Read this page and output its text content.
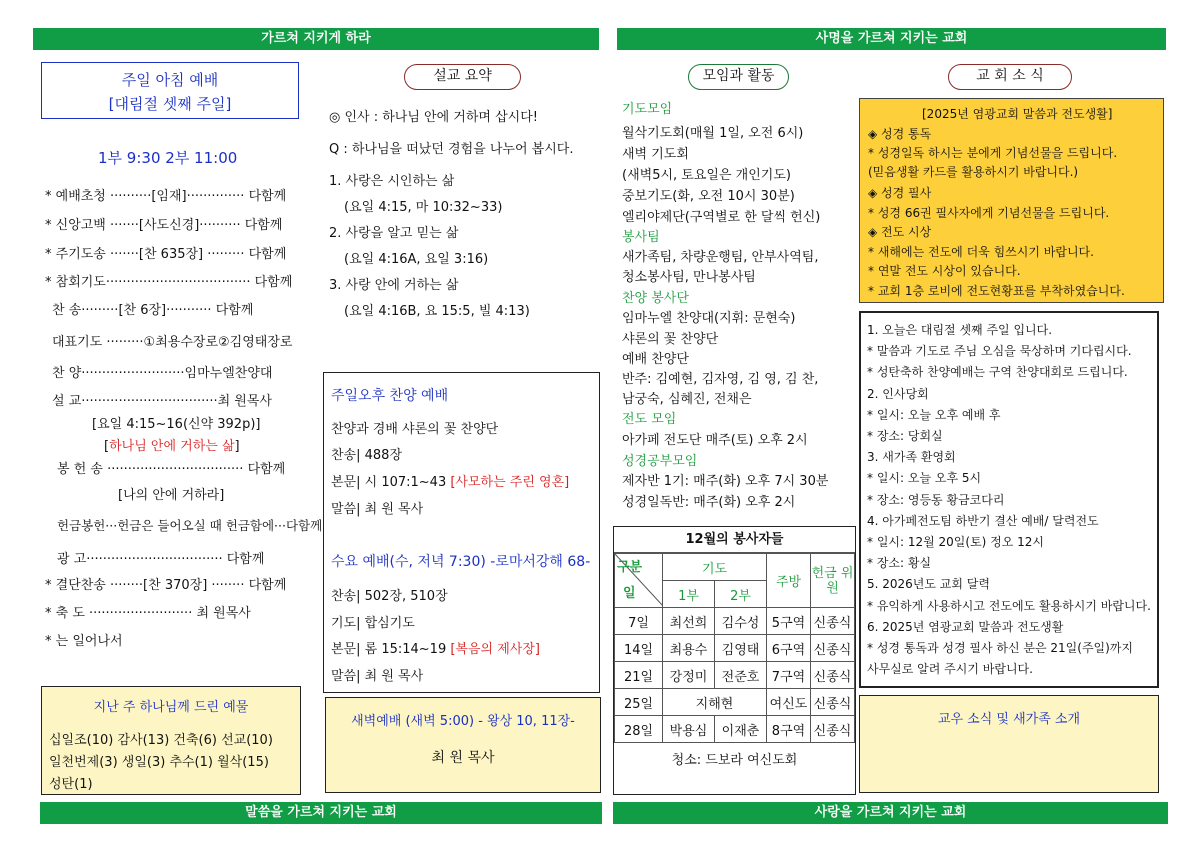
가르쳐 지키게 하라	사명을 가르쳐 지키는 교회
말씀을 가르쳐 지키는 교회	사랑을 가르쳐 지키는 교회
주일 아침 예배
[대림절 셋째 주일]
1부 9:30 2부 11:00
* 예배초청 ··········[임재]·············· 다함께
* 신앙고백 ·······[사도신경]·········· 다함께
* 주기도송 ·······[찬 635장] ········· 다함께
* 참회기도··································· 다함께
찬 송·········[찬 6장]··········· 다함께
대표기도 ·········①최용수장로②김영태장로
찬 양·························임마누엘찬양대
설 교·································최 원목사
[요일 4:15~16(신약 392p)]
[하나님 안에 거하는 삶]
봉 헌 송 ································· 다함께
[나의 안에 거하라]
헌금봉헌···헌금은 들어오실 때 헌금함에···다함께
광 고································· 다함께
* 결단찬송 ········[찬 370장] ········ 다함께
* 축 도 ························· 최 원목사
* 는 일어나서
지난 주 하나님께 드린 예물
십일조(10) 감사(13) 건축(6) 선교(10)
일천번제(3) 생일(3) 추수(1) 월삭(15)
성탄(1)
설교 요약
◎ 인사 : 하나님 안에 거하며 삽시다!
Q : 하나님을 떠났던 경험을 나누어 봅시다.
1. 사랑은 시인하는 삶
(요일 4:15, 마 10:32~33)
2. 사랑을 알고 믿는 삶
(요일 4:16A, 요일 3:16)
3. 사랑 안에 거하는 삶
(요일 4:16B, 요 15:5, 빌 4:13)
주일오후 찬양 예배
찬양과 경배 샤론의 꽃 찬양단
찬송| 488장
본문| 시 107:1~43 [사모하는 주린 영혼]
말씀| 최 원 목사
수요 예배(수, 저녁 7:30) -로마서강해 68-
찬송| 502장, 510장
기도| 합심기도
본문| 롬 15:14~19 [복음의 제사장]
말씀| 최 원 목사
새벽예배 (새벽 5:00) - 왕상 10, 11장-
최 원 목사
모임과 활동
기도모임
월삭기도회(매월 1일, 오전 6시)
새벽 기도회
(새벽5시, 토요일은 개인기도)
중보기도(화, 오전 10시 30분)
엘리야제단(구역별로 한 달씩 헌신)
봉사팀
새가족팀, 차량운행팀, 안부사역팀,
청소봉사팀, 만나봉사팀
찬양 봉사단
임마누엘 찬양대(지휘: 문현숙)
샤론의 꽃 찬양단
예배 찬양단
반주: 김예현, 김자영, 김 영, 김 찬,
남궁숙, 심혜진, 전채은
전도 모임
아가페 전도단 매주(토) 오후 2시
성경공부모임
제자반 1기: 매주(화) 오후 7시 30분
성경일독반: 매주(화) 오후 2시
12월의 봉사자들
구분
일	기도		주방	헌금 위원
	1부	2부		
7일	최선희	김수성	5구역	신종식
14일	최용수	김영태	6구역	신종식
21일	강정미	전준호	7구역	신종식
25일	지해현		여신도	신종식
28일	박용심	이재춘	8구역	신종식
청소: 드보라 여신도회
교 회 소 식
[2025년 염광교회 말씀과 전도생활]
◈ 성경 통독
* 성경일독 하시는 분에게 기념선물을 드립니다.
(믿음생활 카드를 활용하시기 바랍니다.)
◈ 성경 필사
* 성경 66권 필사자에게 기념선물을 드립니다.
◈ 전도 시상
* 새해에는 전도에 더욱 힘쓰시기 바랍니다.
* 연말 전도 시상이 있습니다.
* 교회 1층 로비에 전도현황표를 부착하였습니다.
1. 오늘은 대림절 셋째 주일 입니다.
* 말씀과 기도로 주님 오심을 묵상하며 기다립시다.
* 성탄축하 찬양예배는 구역 찬양대회로 드립니다.
2. 인사당회
* 일시: 오늘 오후 예배 후
* 장소: 당회실
3. 새가족 환영회
* 일시: 오늘 오후 5시
* 장소: 영등동 황금코다리
4. 아가페전도팀 하반기 결산 예배/ 달력전도
* 일시: 12월 20일(토) 정오 12시
* 장소: 황실
5. 2026년도 교회 달력
* 유익하게 사용하시고 전도에도 활용하시기 바랍니다.
6. 2025년 염광교회 말씀과 전도생활
* 성경 통독과 성경 필사 하신 분은 21일(주일)까지
사무실로 알려 주시기 바랍니다.
교우 소식 및 새가족 소개
